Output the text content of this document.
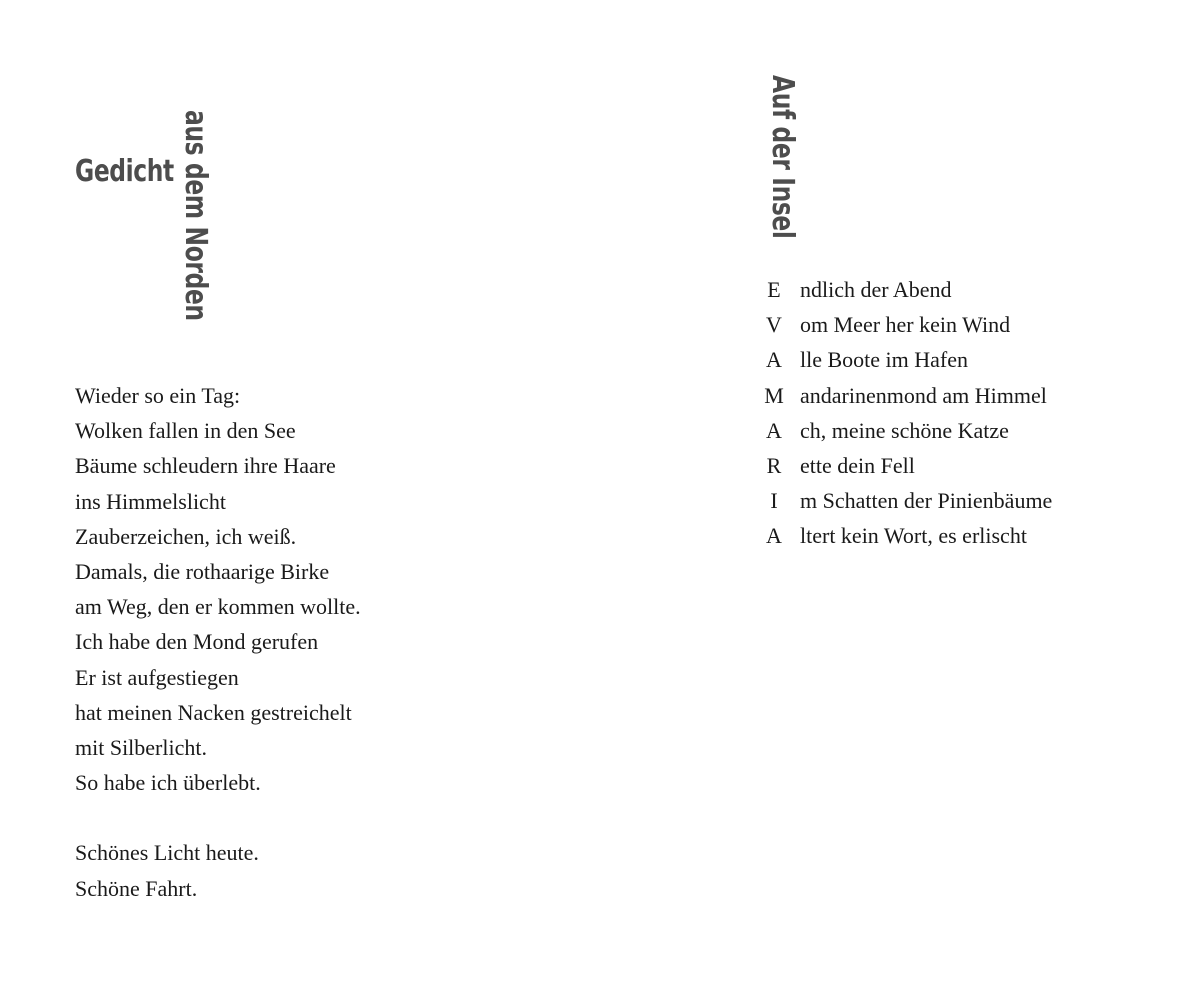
Gedicht aus dem Norden
Wieder so ein Tag:
Wolken fallen in den See
Bäume schleudern ihre Haare
ins Himmelslicht
Zauberzeichen, ich weiß.
Damals, die rothaarige Birke
am Weg, den er kommen wollte.
Ich habe den Mond gerufen
Er ist aufgestiegen
hat meinen Nacken gestreichelt
mit Silberlicht.
So habe ich überlebt.
Schönes Licht heute.
Schöne Fahrt.
Auf der Insel
E ndlich der Abend
V om Meer her kein Wind
A lle Boote im Hafen
M andarinenmond am Himmel
A ch, meine schöne Katze
R ette dein Fell
I	m Schatten der Pinienbäume
A ltert kein Wort, es erlischt
